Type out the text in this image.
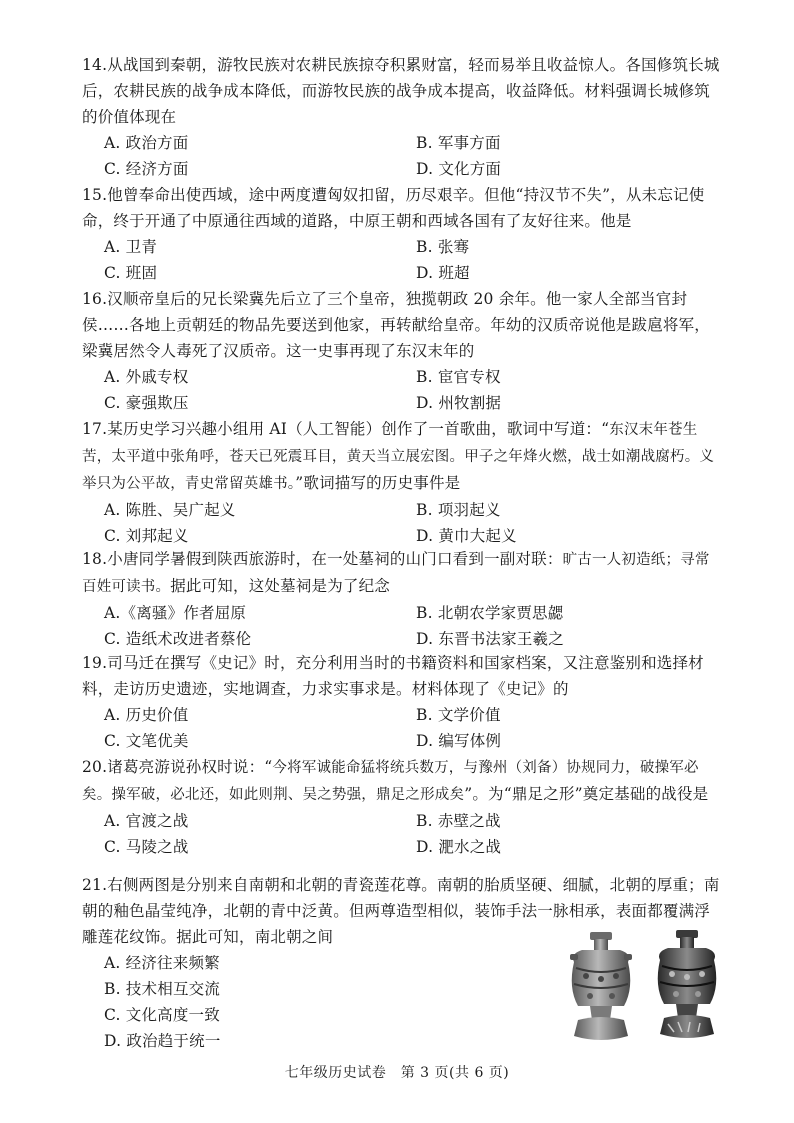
14.从战国到秦朝，游牧民族对农耕民族掠夺积累财富，轻而易举且收益惊人。各国修筑长城后，农耕民族的战争成本降低，而游牧民族的战争成本提高，收益降低。材料强调长城修筑的价值体现在

A. 政治方面	B. 军事方面
C. 经济方面	D. 文化方面

15.他曾奉命出使西域，途中两度遭匈奴扣留，历尽艰辛。但他“持汉节不失”，从未忘记使命，终于开通了中原通往西域的道路，中原王朝和西域各国有了友好往来。他是

A. 卫青	B. 张骞
C. 班固	D. 班超

16.汉顺帝皇后的兄长梁冀先后立了三个皇帝，独揽朝政 20 余年。他一家人全部当官封侯……各地上贡朝廷的物品先要送到他家，再转献给皇帝。年幼的汉质帝说他是跋扈将军，梁冀居然令人毒死了汉质帝。这一史事再现了东汉末年的

A. 外戚专权	B. 宦官专权
C. 豪强欺压	D. 州牧割据

17.某历史学习兴趣小组用 AI（人工智能）创作了一首歌曲，歌词中写道：“东汉末年苍生苦，太平道中张角呼，苍天已死震耳目，黄天当立展宏图。甲子之年烽火燃，战士如潮战腐朽。义举只为公平故，青史常留英雄书。”歌词描写的历史事件是

A. 陈胜、吴广起义	B. 项羽起义
C. 刘邦起义	D. 黄巾大起义

18.小唐同学暑假到陕西旅游时，在一处墓祠的山门口看到一副对联：旷古一人初造纸；寻常百姓可读书。据此可知，这处墓祠是为了纪念

A.《离骚》作者屈原	B. 北朝农学家贾思勰
C. 造纸术改进者蔡伦	D. 东晋书法家王羲之

19.司马迁在撰写《史记》时，充分利用当时的书籍资料和国家档案，又注意鉴别和选择材料，走访历史遗迹，实地调查，力求实事求是。材料体现了《史记》的

A. 历史价值	B. 文学价值
C. 文笔优美	D. 编写体例

20.诸葛亮游说孙权时说：“今将军诚能命猛将统兵数万，与豫州（刘备）协规同力，破操军必矣。操军破，必北还，如此则荆、吴之势强，鼎足之形成矣”。为“鼎足之形”奠定基础的战役是

A. 官渡之战	B. 赤壁之战
C. 马陵之战	D. 淝水之战

21.右侧两图是分别来自南朝和北朝的青瓷莲花尊。南朝的胎质坚硬、细腻，北朝的厚重；南朝的釉色晶莹纯净，北朝的青中泛黄。但两尊造型相似，装饰手法一脉相承，表面都覆满浮雕莲花纹饰。据此可知，南北朝之间

A. 经济往来频繁
B. 技术相互交流
C. 文化高度一致
D. 政治趋于统一
七年级历史试卷　第 3 页(共 6 页)
